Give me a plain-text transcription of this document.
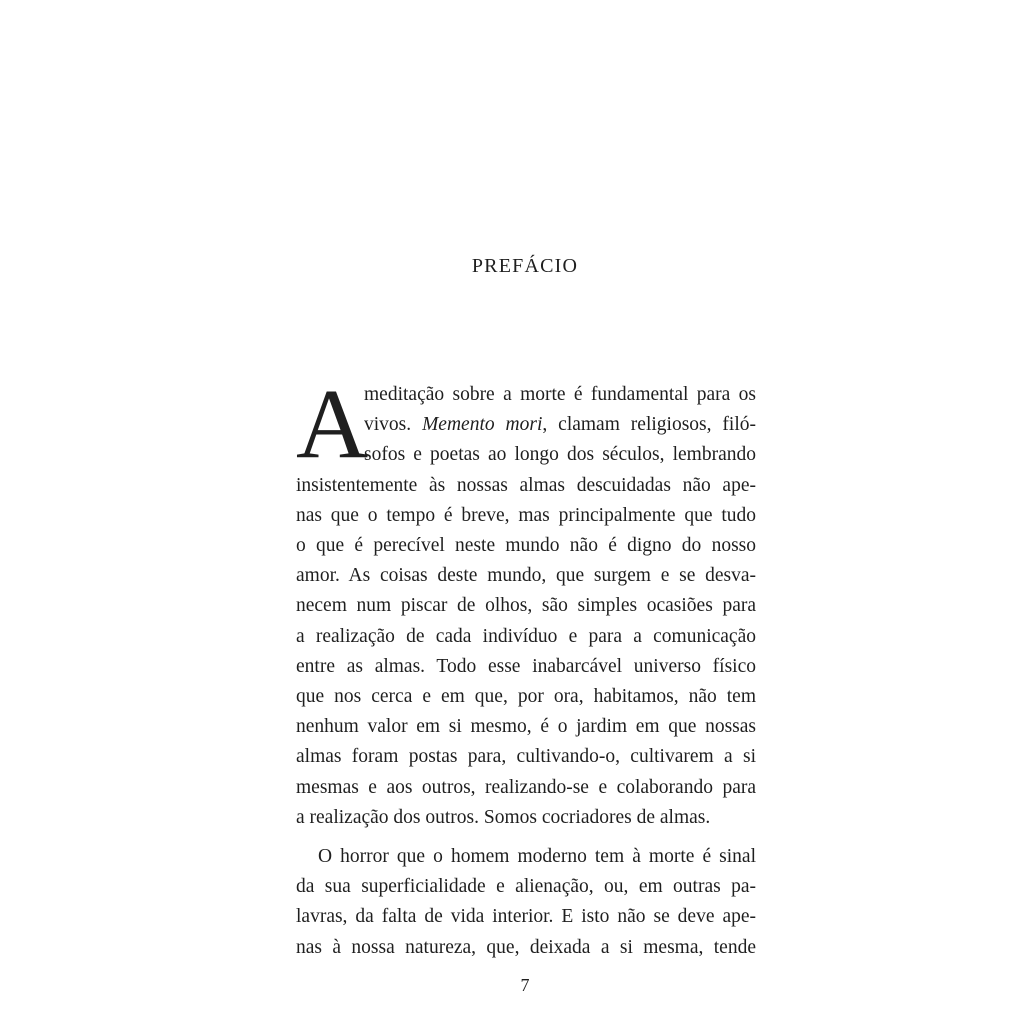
PREFÁCIO
A
meditação sobre a morte é fundamental para os
vivos. Memento mori, clamam religiosos, filó-
sofos e poetas ao longo dos séculos, lembrando
insistentemente às nossas almas descuidadas não ape-
nas que o tempo é breve, mas principalmente que tudo
o que é perecível neste mundo não é digno do nosso
amor. As coisas deste mundo, que surgem e se desva-
necem num piscar de olhos, são simples ocasiões para
a realização de cada indivíduo e para a comunicação
entre as almas. Todo esse inabarcável universo físico
que nos cerca e em que, por ora, habitamos, não tem
nenhum valor em si mesmo, é o jardim em que nossas
almas foram postas para, cultivando-o, cultivarem a si
mesmas e aos outros, realizando-se e colaborando para
a realização dos outros. Somos cocriadores de almas.
O horror que o homem moderno tem à morte é sinal
da sua superficialidade e alienação, ou, em outras pa-
lavras, da falta de vida interior. E isto não se deve ape-
nas à nossa natureza, que, deixada a si mesma, tende
7
